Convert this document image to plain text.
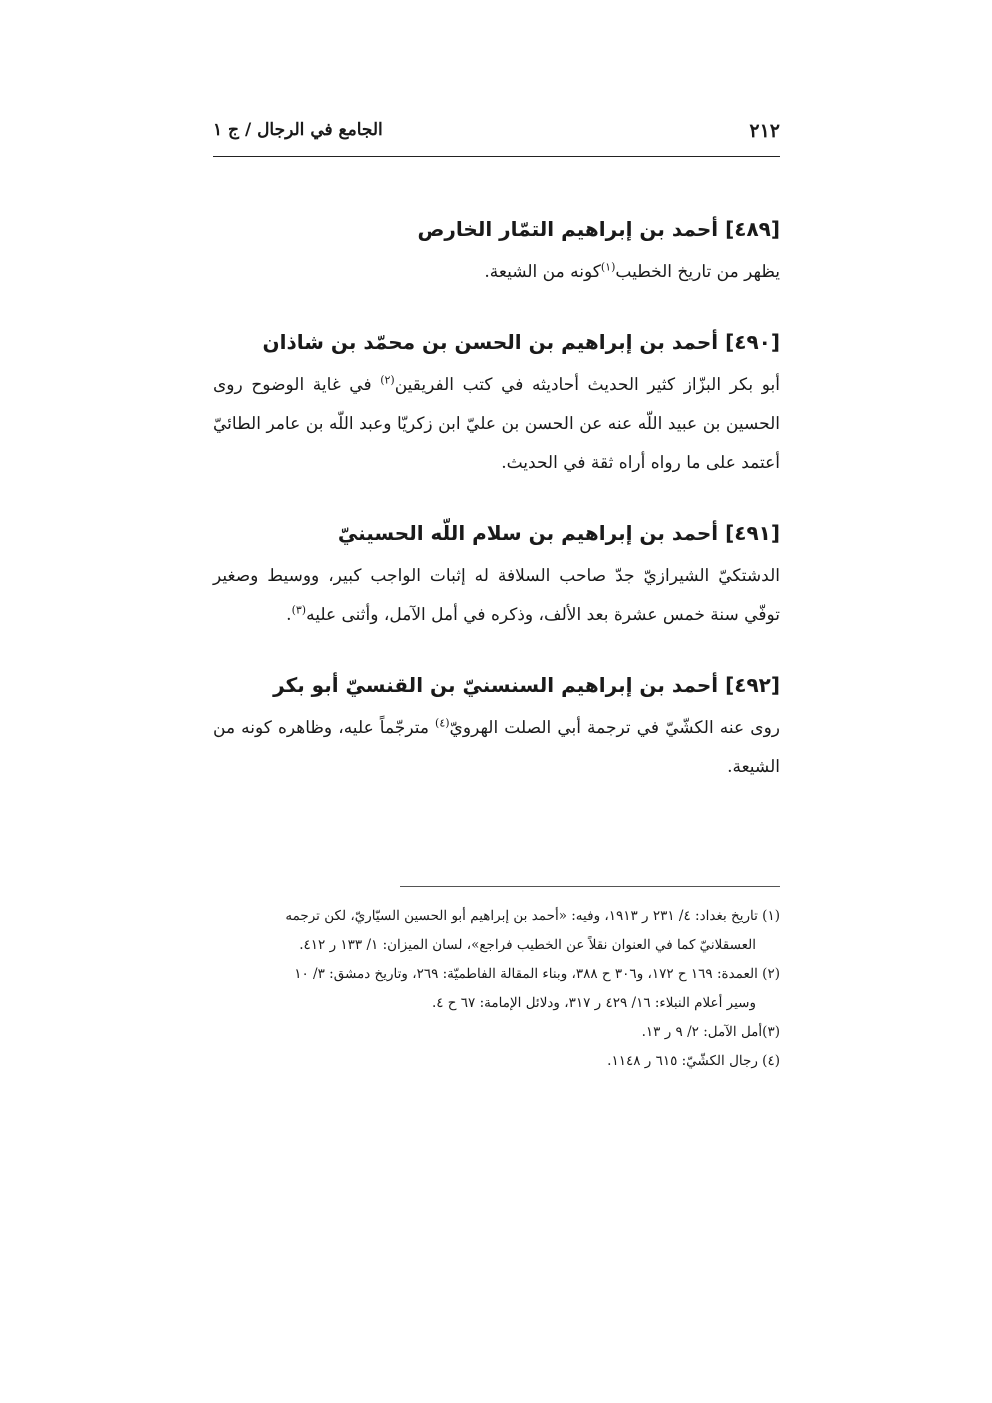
٢١٢
الجامع في الرجال / ج ١
[٤٨٩] أحمد بن إبراهيم التمّار الخارص

يظهر من تاريخ الخطيب$^{(١)}$كونه من الشيعة.

[٤٩٠] أحمد بن إبراهيم بن الحسن بن محمّد بن شاذان

أبو بكر البزّاز كثير الحديث أحاديثه في كتب الفريقين$^{(٢)}$ في غاية الوضوح روى الحسين بن عبيد اللّه عنه عن الحسن بن عليّ ابن زكريّا وعبد اللّه بن عامر الطائيّ أعتمد على ما رواه أراه ثقة في الحديث.

[٤٩١] أحمد بن إبراهيم بن سلام اللّه الحسينيّ

الدشتكيّ الشيرازيّ جدّ صاحب السلافة له إثبات الواجب كبير، ووسيط وصغير توفّي سنة خمس عشرة بعد الألف، وذكره في أمل الآمل، وأثنى عليه$^{(٣)}$.

[٤٩٢] أحمد بن إبراهيم السنسنيّ بن القنسيّ أبو بكر

روى عنه الكشّيّ في ترجمة أبي الصلت الهرويّ$^{(٤)}$ مترجّماً عليه، وظاهره كونه من الشيعة.

(١) تاريخ بغداد: ٤/ ٢٣١ ر ١٩١٣، وفيه: «أحمد بن إبراهيم أبو الحسين السيّاريّ، لكن ترجمه
العسقلانيّ كما في العنوان نقلاً عن الخطيب فراجع»، لسان الميزان: ١/ ١٣٣ ر ٤١٢.

(٢) العمدة: ١٦٩ ح ١٧٢، و٣٠٦ ح ٣٨٨، وبناء المقالة الفاطميّة: ٢٦٩، وتاريخ دمشق: ٣/ ١٠
وسير أعلام النبلاء: ١٦/ ٤٢٩ ر ٣١٧، ودلائل الإمامة: ٦٧ ح ٤.

(٣)أمل الآمل: ٢/ ٩ ر ١٣.

(٤) رجال الكشّيّ: ٦١٥ ر ١١٤٨.
